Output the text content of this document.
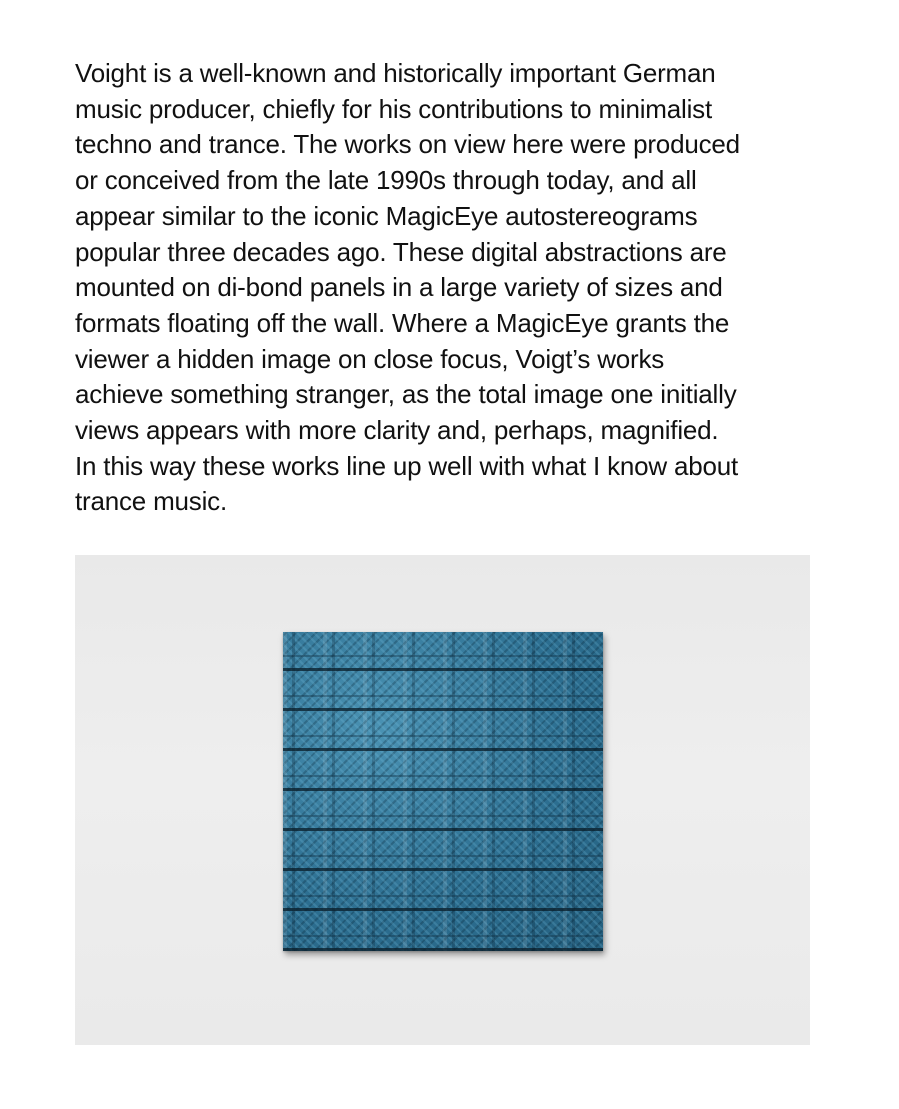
Voight is a well-known and historically important German
music producer, chiefly for his contributions to minimalist
techno and trance. The works on view here were produced
or conceived from the late 1990s through today, and all
appear similar to the iconic MagicEye autostereograms
popular three decades ago. These digital abstractions are
mounted on di-bond panels in a large variety of sizes and
formats floating off the wall. Where a MagicEye grants the
viewer a hidden image on close focus, Voigt’s works
achieve something stranger, as the total image one initially
views appears with more clarity and, perhaps, magnified.
In this way these works line up well with what I know about
trance music.
